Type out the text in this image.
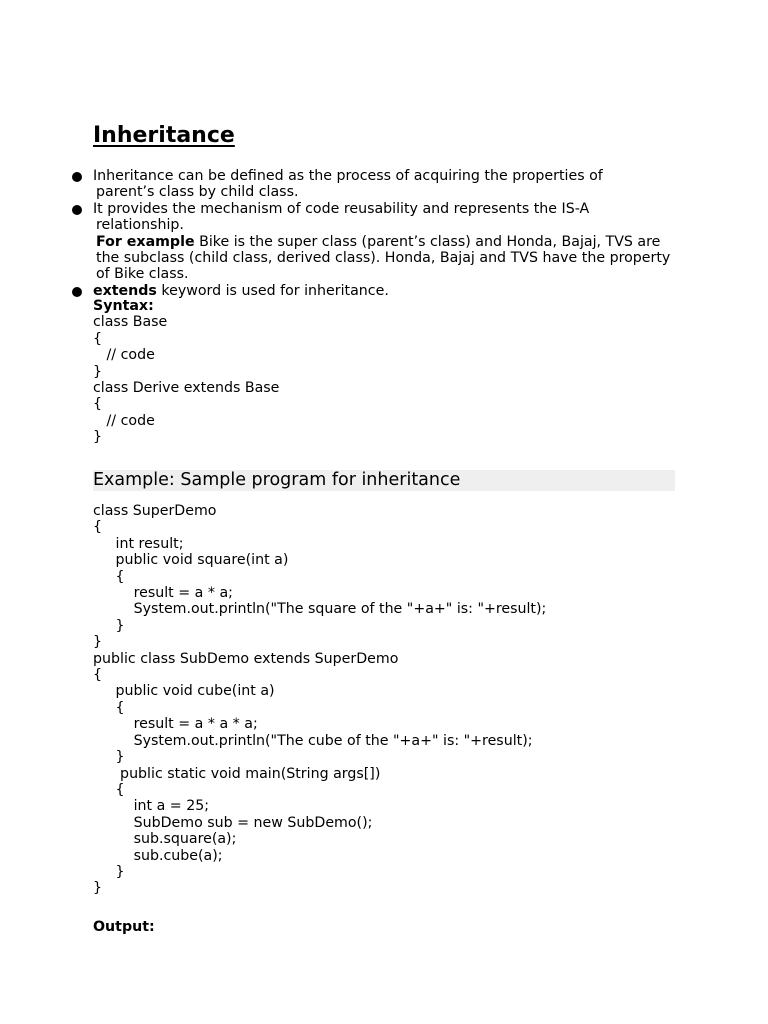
Inheritance
Inheritance can be defined as the process of acquiring the properties of
parent’s class by child class.
It provides the mechanism of code reusability and represents the IS-A
relationship.
For example Bike is the super class (parent’s class) and Honda, Bajaj, TVS are the subclass (child class, derived class). Honda, Bajaj and TVS have the property of Bike class.
extends keyword is used for inheritance.
Syntax:
class Base
{
// code
}
class Derive extends Base
{
// code
}
Example: Sample program for inheritance
class SuperDemo
{
int result;
public void square(int a)
{
result = a * a;
System.out.println("The square of the "+a+" is: "+result);
}
}
public class SubDemo extends SuperDemo
{
public void cube(int a)
{
result = a * a * a;
System.out.println("The cube of the "+a+" is: "+result);
}
public static void main(String args[])
{
int a = 25;
SubDemo sub = new SubDemo();
sub.square(a);
sub.cube(a);
}
}
Output:
